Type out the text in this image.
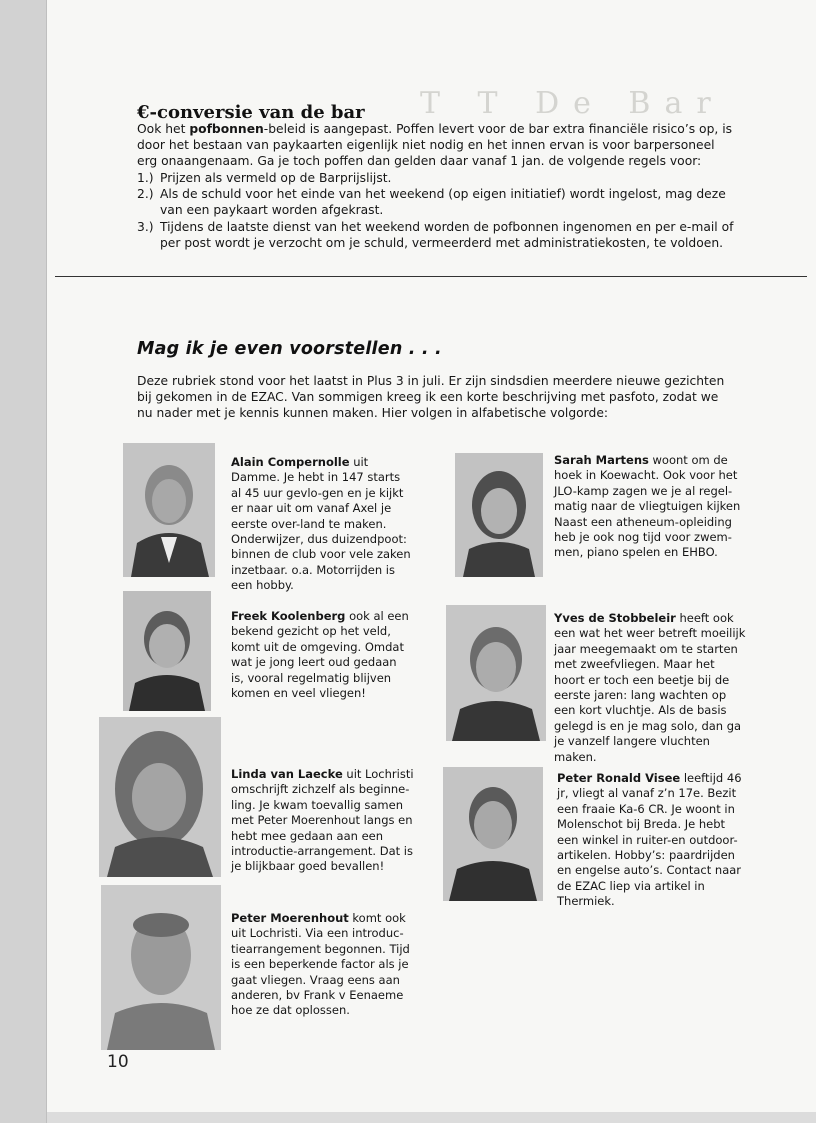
T T De Bar
€-conversie van de bar
Ook het pofbonnen-beleid is aangepast. Poffen levert voor de bar extra financiële risico’s op, is door het bestaan van paykaarten eigenlijk niet nodig en het innen ervan is voor barpersoneel erg onaangenaam. Ga je toch poffen dan gelden daar vanaf 1 jan. de volgende regels voor:
1.) Prijzen als vermeld op de Barprijslijst.
2.) Als de schuld voor het einde van het weekend (op eigen initiatief) wordt ingelost, mag deze van een paykaart worden afgekrast.
3.) Tijdens de laatste dienst van het weekend worden de pofbonnen ingenomen en per e-mail of per post wordt je verzocht om je schuld, vermeerderd met administratiekosten, te voldoen.
Mag ik je even voorstellen . . .
Deze rubriek stond voor het laatst in Plus 3 in juli. Er zijn sindsdien meerdere nieuwe gezichten bij gekomen in de EZAC. Van sommigen kreeg ik een korte beschrijving met pasfoto, zodat we nu nader met je kennis kunnen maken. Hier volgen in alfabetische volgorde:
Alain Compernolle uit Damme. Je hebt in 147 starts al 45 uur gevlo-gen en je kijkt er naar uit om vanaf Axel je eerste over-land te maken. Onderwijzer, dus duizendpoot: binnen de club voor vele zaken inzetbaar. o.a. Motorrijden is een hobby.
Freek Koolenberg ook al een bekend gezicht op het veld, komt uit de omgeving. Omdat wat je jong leert oud gedaan is, vooral regelmatig blijven komen en veel vliegen!
Linda van Laecke uit Lochristi omschrijft zichzelf als beginne-ling. Je kwam toevallig samen met Peter Moerenhout langs en hebt mee gedaan aan een introductie-arrangement. Dat is je blijkbaar goed bevallen!
Peter Moerenhout komt ook uit Lochristi. Via een introduc-tiearrangement begonnen. Tijd is een beperkende factor als je gaat vliegen. Vraag eens aan anderen, bv Frank v Eenaeme hoe ze dat oplossen.
Sarah Martens woont om de hoek in Koewacht. Ook voor het JLO-kamp zagen we je al regel-matig naar de vliegtuigen kijken Naast een atheneum-opleiding heb je ook nog tijd voor zwem-men, piano spelen en EHBO.
Yves de Stobbeleir heeft ook een wat het weer betreft moeilijk jaar meegemaakt om te starten met zweefvliegen. Maar het hoort er toch een beetje bij de eerste jaren: lang wachten op een kort vluchtje. Als de basis gelegd is en je mag solo, dan ga je vanzelf langere vluchten maken.
Peter Ronald Visee leeftijd 46 jr, vliegt al vanaf z’n 17e. Bezit een fraaie Ka-6 CR. Je woont in Molenschot bij Breda. Je hebt een winkel in ruiter-en outdoor-artikelen. Hobby’s: paardrijden en engelse auto’s. Contact naar de EZAC liep via artikel in Thermiek.
10
